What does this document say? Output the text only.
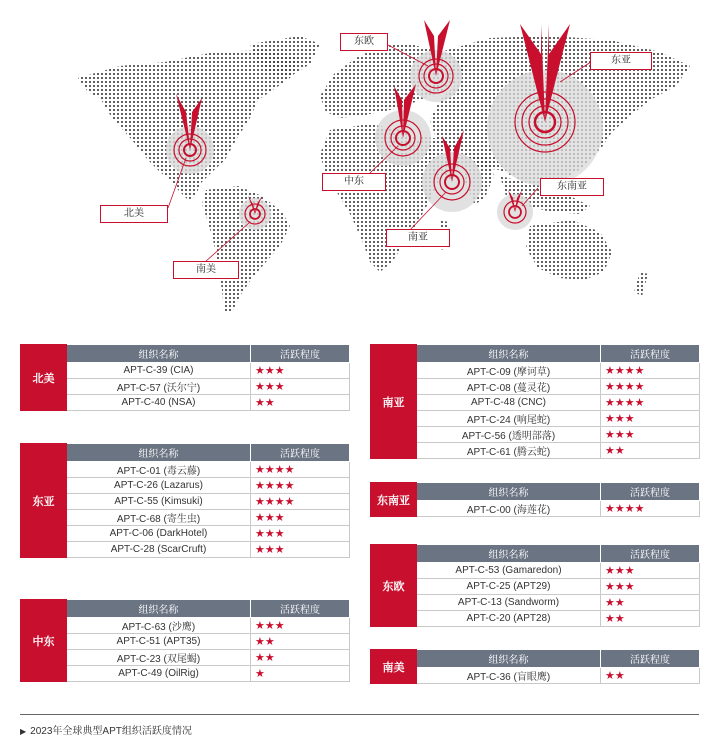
东欧
东亚
中东	东南亚
北美
南亚
南美
北美	组织名称	活跃程度
	APT-C-39 (CIA)	★★★
	APT-C-57 (沃尔宁)	★★★
	APT-C-40 (NSA)	★★
东亚	组织名称	活跃程度
	APT-C-01 (毒云藤)	★★★★
	APT-C-26 (Lazarus)	★★★★
	APT-C-55 (Kimsuki)	★★★★
	APT-C-68 (寄生虫)	★★★
	APT-C-06 (DarkHotel)	★★★
	APT-C-28 (ScarCruft)	★★★
中东	组织名称	活跃程度
	APT-C-63 (沙鹰)	★★★
	APT-C-51 (APT35)	★★
	APT-C-23 (双尾蝎)	★★
	APT-C-49 (OilRig)	★
南亚	组织名称	活跃程度
	APT-C-09 (摩诃草)	★★★★
	APT-C-08 (蔓灵花)	★★★★
	APT-C-48 (CNC)	★★★★
	APT-C-24 (响尾蛇)	★★★
	APT-C-56 (透明部落)	★★★
	APT-C-61 (腾云蛇)	★★
东南亚	组织名称	活跃程度
	APT-C-00 (海莲花)	★★★★
东欧	组织名称	活跃程度
	APT-C-53 (Gamaredon)	★★★
	APT-C-25 (APT29)	★★★
	APT-C-13 (Sandworm)	★★
	APT-C-20 (APT28)	★★
南美	组织名称	活跃程度
	APT-C-36 (盲眼鹰)	★★
▶ 2023年全球典型APT组织活跃度情况
